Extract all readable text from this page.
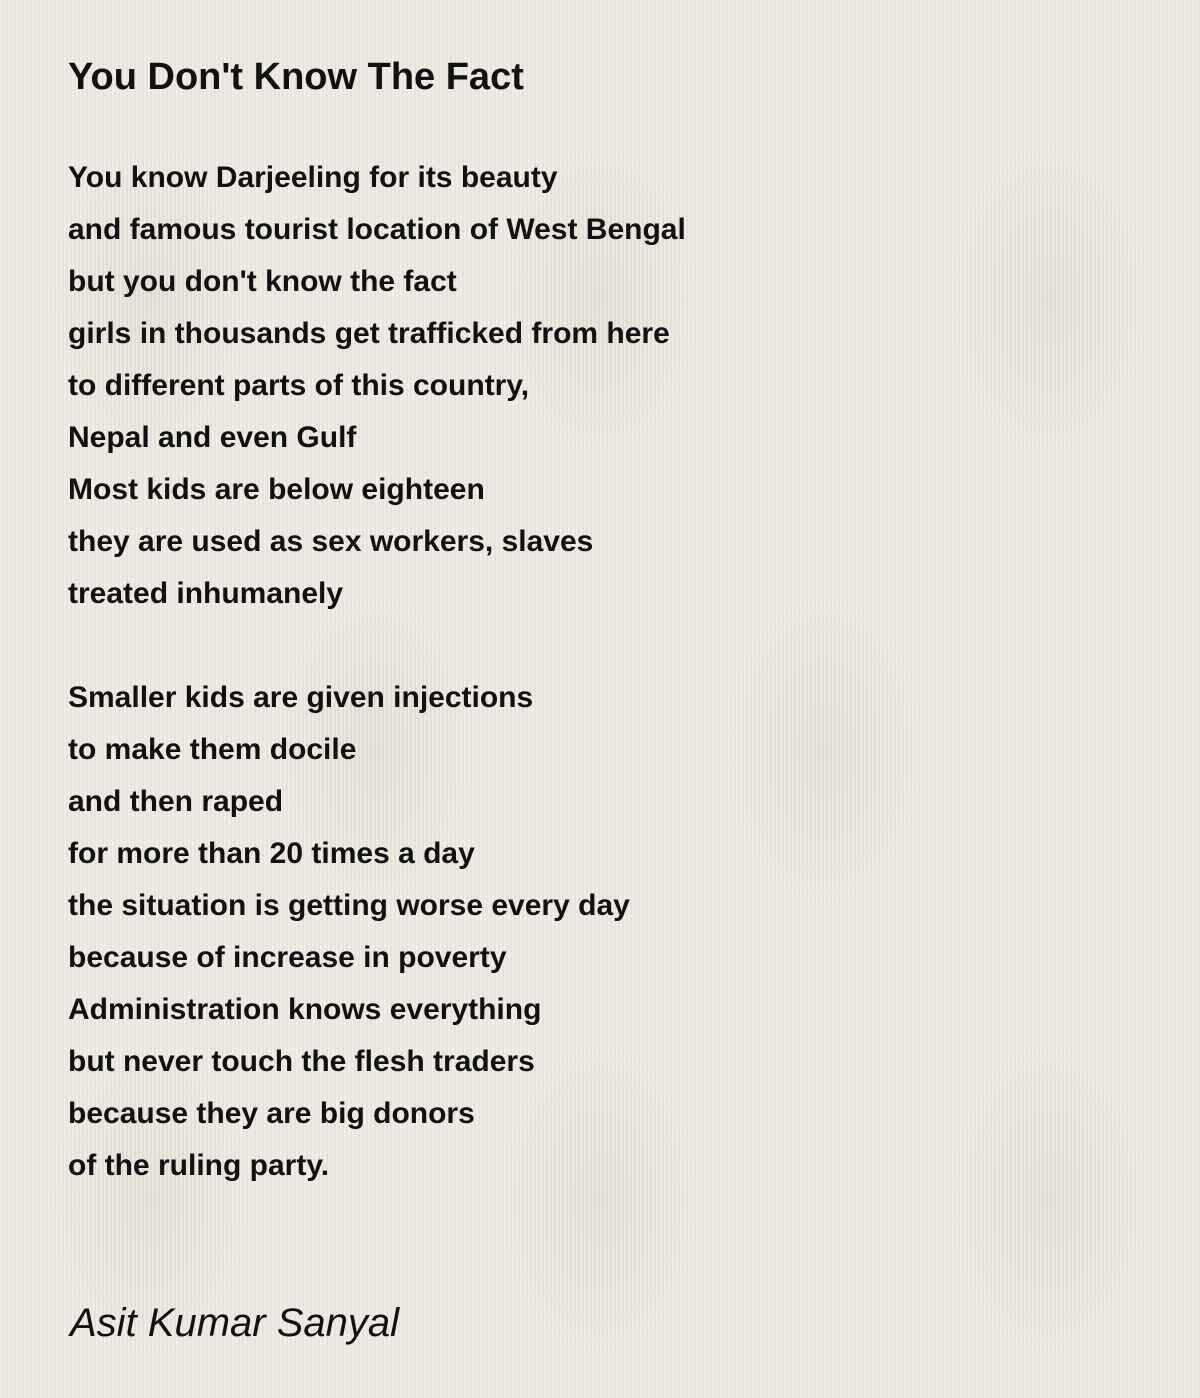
You Don't Know The Fact
You know Darjeeling for its beauty
and famous tourist location of West Bengal
but you don't know the fact
girls in thousands get trafficked from here
to different parts of this country,
Nepal and even Gulf
Most kids are below eighteen
they are used as sex workers, slaves
treated inhumanely
Smaller kids are given injections
to make them docile
and then raped
for more than 20 times a day
the situation is getting worse every day
because of increase in poverty
Administration knows everything
but never touch the flesh traders
because they are big donors
of the ruling party.

Asit Kumar Sanyal
